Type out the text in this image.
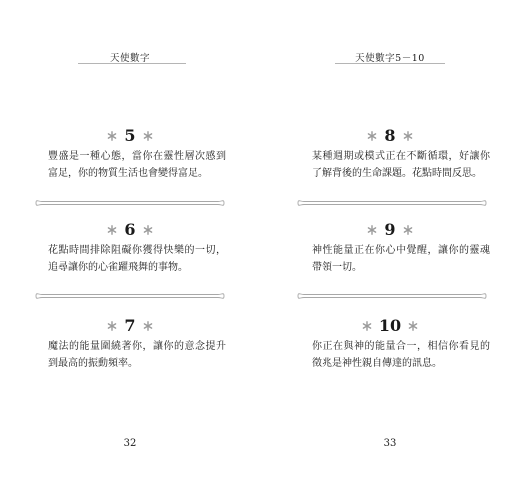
天使數字
5
豐盛是一種心態，當你在靈性層次感到富足，你的物質生活也會變得富足。
6
花點時間排除阻礙你獲得快樂的一切，追尋讓你的心雀躍飛舞的事物。
7
魔法的能量圍繞著你，讓你的意念提升到最高的振動頻率。
32
天使數字5－10
8
某種週期或模式正在不斷循環，好讓你了解背後的生命課題。花點時間反思。
9
神性能量正在你心中覺醒，讓你的靈魂帶領一切。
10
你正在與神的能量合一，相信你看見的徵兆是神性親自傳達的訊息。
33
